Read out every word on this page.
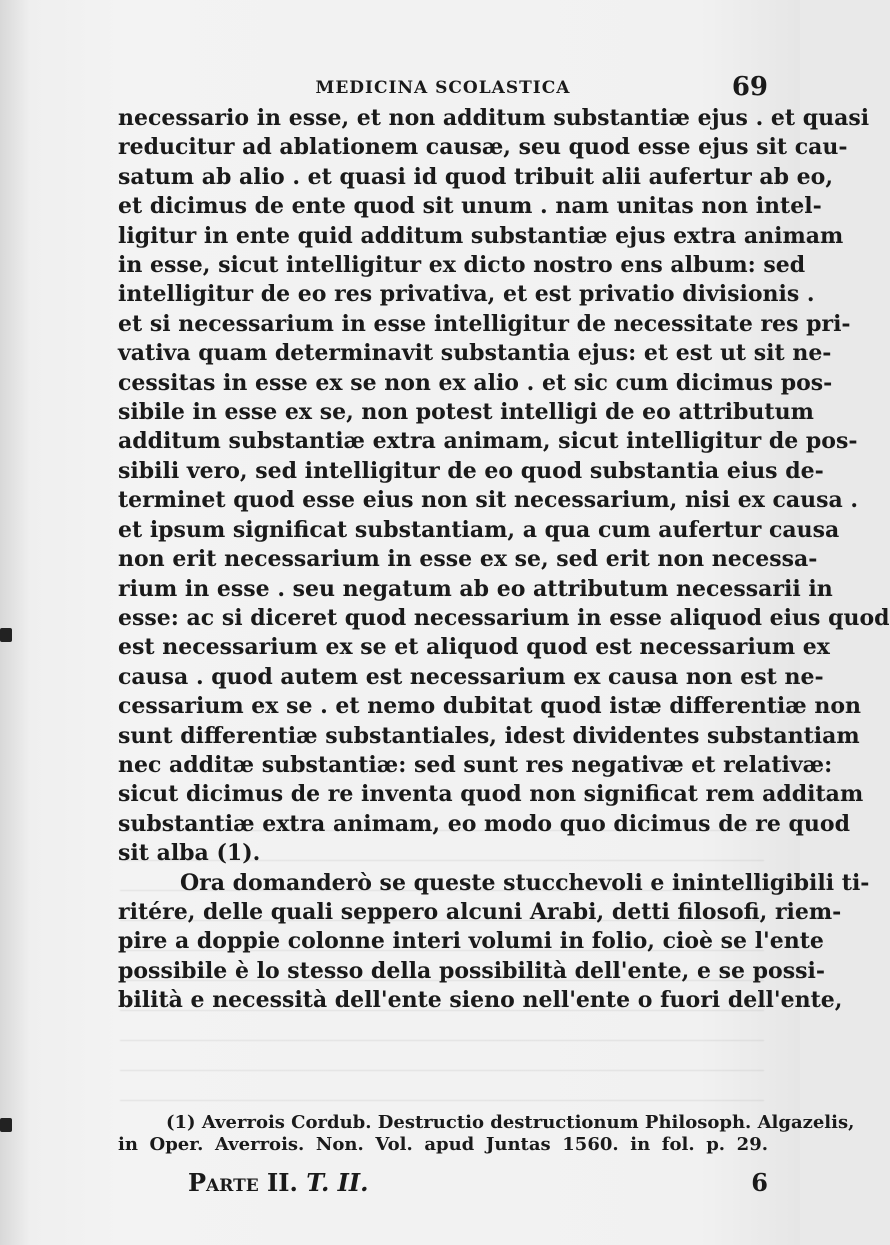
MEDICINA SCOLASTICA	69
necessario in esse, et non additum substantiæ ejus . et quasi
reducitur ad ablationem causæ, seu quod esse ejus sit cau-
satum ab alio . et quasi id quod tribuit alii aufertur ab eo,
et dicimus de ente quod sit unum . nam unitas non intel-
ligitur in ente quid additum substantiæ ejus extra animam
in esse, sicut intelligitur ex dicto nostro ens album: sed
intelligitur de eo res privativa, et est privatio divisionis .
et si necessarium in esse intelligitur de necessitate res pri-
vativa quam determinavit substantia ejus: et est ut sit ne-
cessitas in esse ex se non ex alio . et sic cum dicimus pos-
sibile in esse ex se, non potest intelligi de eo attributum
additum substantiæ extra animam, sicut intelligitur de pos-
sibili vero, sed intelligitur de eo quod substantia eius de-
terminet quod esse eius non sit necessarium, nisi ex causa .
et ipsum significat substantiam, a qua cum aufertur causa
non erit necessarium in esse ex se, sed erit non necessa-
rium in esse . seu negatum ab eo attributum necessarii in
esse: ac si diceret quod necessarium in esse aliquod eius quod
est necessarium ex se et aliquod quod est necessarium ex
causa . quod autem est necessarium ex causa non est ne-
cessarium ex se . et nemo dubitat quod istæ differentiæ non
sunt differentiæ substantiales, idest dividentes substantiam
nec additæ substantiæ: sed sunt res negativæ et relativæ:
sicut dicimus de re inventa quod non significat rem additam
substantiæ extra animam, eo modo quo dicimus de re quod
sit alba (1).
Ora domanderò se queste stucchevoli e inintelligibili ti-
ritére, delle quali seppero alcuni Arabi, detti filosofi, riem-
pire a doppie colonne interi volumi in folio, cioè se l'ente
possibile è lo stesso della possibilità dell'ente, e se possi-
bilità e necessità dell'ente sieno nell'ente o fuori dell'ente,
(1) Averrois Cordub. Destructio destructionum Philosoph. Algazelis,
in Oper. Averrois. Non. Vol. apud Juntas 1560. in fol. p. 29.
Parte II. T. II.	6
